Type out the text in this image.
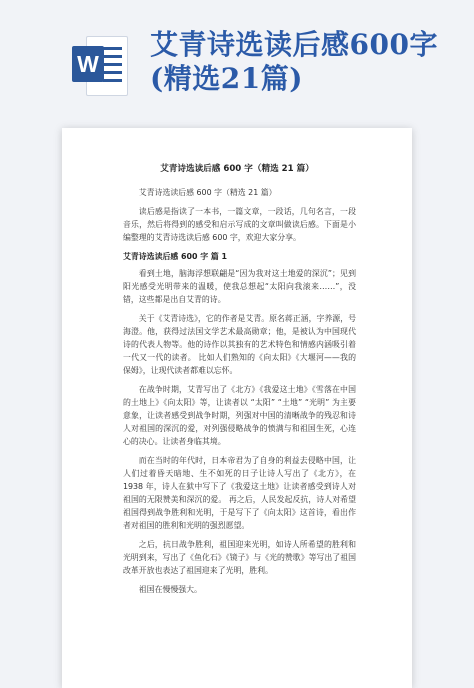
W
艾青诗选读后感600字(精选21篇)
艾青诗选读后感 600 字（精选 21 篇）

艾青诗选读后感 600 字（精选 21 篇）

读后感是指读了一本书，一篇文章，一段话，几句名言，一段音乐，然后将得到的感受和启示写成的文章叫做读后感。下面是小编整理的艾青诗选读后感 600 字，欢迎大家分享。

艾青诗选读后感 600 字 篇 1

看到土地，脑海浮想联翩是“因为我对这土地爱的深沉”；见到阳光感受光明带来的温暖，使我总想起“太阳向我滚来……”，没错，这些都是出自艾青的诗。

关于《艾青诗选》，它的作者是艾青。原名蒋正涵，字养源，号海澄。他，获得过法国文学艺术最高勋章；他，是被认为中国现代诗的代表人物等。他的诗作以其独有的艺术特色和情感内涵吸引着一代又一代的读者。 比如人们熟知的《向太阳》《大堰河——我的保姆》，让现代读者都难以忘怀。

在战争时期，艾青写出了《北方》《我爱这土地》《雪落在中国的土地上》《向太阳》等，让读者以 “太阳” “土地” “光明” 为主要意象，让读者感受到战争时期，列强对中国的清晰战争的残忍和诗人对祖国的深沉的爱，对列强侵略战争的愤满与和祖国生死，心连心的决心。让读者身临其境。

而在当时的年代时，日本帝君为了自身的利益去侵略中国，让人们过着昏天暗地、生不如死的日子让诗人写出了《北方》，在 1938 年，诗人在狱中写下了《我爱这土地》让读者感受到诗人对祖国的无限赞美和深沉的爱。 再之后，人民发起反抗，诗人对希望祖国得到战争胜利和光明，于是写下了《向太阳》这首诗，看出作者对祖国的胜利和光明的强烈愿望。

之后，抗日战争胜利，祖国迎来光明，如诗人所希望的胜利和光明到来，写出了《鱼化石》《镜子》与《光的赞歌》等写出了祖国改革开放也表达了祖国迎来了光明，胜利。

祖国在慢慢强大。
